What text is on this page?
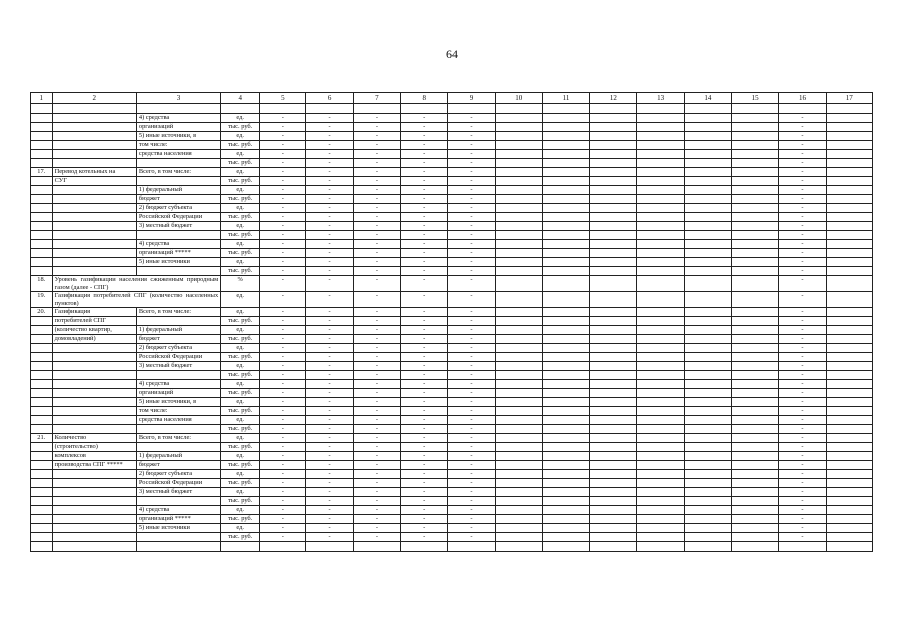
64
1	2	3	4	5	6	7	8	9	10	11	12	13	14	15	16	17

		4) средства	ед.	-	-	-	-	-							-	
		организаций	тыс. руб.	-	-	-	-	-							-	
		5) иные источники, в	ед.	-	-	-	-	-							-	
		том числе:	тыс. руб.	-	-	-	-	-							-	
		средства населения	ед.	-	-	-	-	-							-	
			тыс. руб.	-	-	-	-	-							-	
17.	Перевод котельных на	Всего, в том числе:	ед.	-	-	-	-	-							-	
	СУГ		тыс. руб.	-	-	-	-	-							-	
		1) федеральный	ед.	-	-	-	-	-							-	
		бюджет	тыс. руб.	-	-	-	-	-							-	
		2) бюджет субъекта	ед.	-	-	-	-	-							-	
		Российской Федерации	тыс. руб.	-	-	-	-	-							-	
		3) местный бюджет	ед.	-	-	-	-	-							-	
			тыс. руб.	-	-	-	-	-							-	
		4) средства	ед.	-	-	-	-	-							-	
		организаций *****	тыс. руб.	-	-	-	-	-							-	
		5) иные источники	ед.	-	-	-	-	-							-	
			тыс. руб.	-	-	-	-	-							-	
18.	Уровень газификации населения сжиженным природным газом (далее - СПГ)		%	-	-	-	-	-							-	
19.	Газификация потребителей СПГ (количество населенных пунктов)		ед.	-	-	-	-	-							-	
20.	Газификация	Всего, в том числе:	ед.	-	-	-	-	-							-	
	потребителей СПГ		тыс. руб.	-	-	-	-	-							-	
	(количество квартир,	1) федеральный	ед.	-	-	-	-	-							-	
	домовладений)	бюджет	тыс. руб.	-	-	-	-	-							-	
		2) бюджет субъекта	ед.	-	-	-	-	-							-	
		Российской Федерации	тыс. руб.	-	-	-	-	-							-	
		3) местный бюджет	ед.	-	-	-	-	-							-	
			тыс. руб.	-	-	-	-	-							-	
		4) средства	ед.	-	-	-	-	-							-	
		организаций	тыс. руб.	-	-	-	-	-							-	
		5) иные источники, в	ед.	-	-	-	-	-							-	
		том числе:	тыс. руб.	-	-	-	-	-							-	
		средства населения	ед.	-	-	-	-	-							-	
			тыс. руб.	-	-	-	-	-							-	
21.	Количество	Всего, в том числе:	ед.	-	-	-	-	-							-	
	(строительство)		тыс. руб.	-	-	-	-	-							-	
	комплексов	1) федеральный	ед.	-	-	-	-	-							-	
	производства СПГ *****	бюджет	тыс. руб.	-	-	-	-	-							-	
		2) бюджет субъекта	ед.	-	-	-	-	-							-	
		Российской Федерации	тыс. руб.	-	-	-	-	-							-	
		3) местный бюджет	ед.	-	-	-	-	-							-	
			тыс. руб.	-	-	-	-	-							-	
		4) средства	ед.	-	-	-	-	-							-	
		организаций *****	тыс. руб.	-	-	-	-	-							-	
		5) иные источники	ед.	-	-	-	-	-							-	
			тыс. руб.	-	-	-	-	-							-	
